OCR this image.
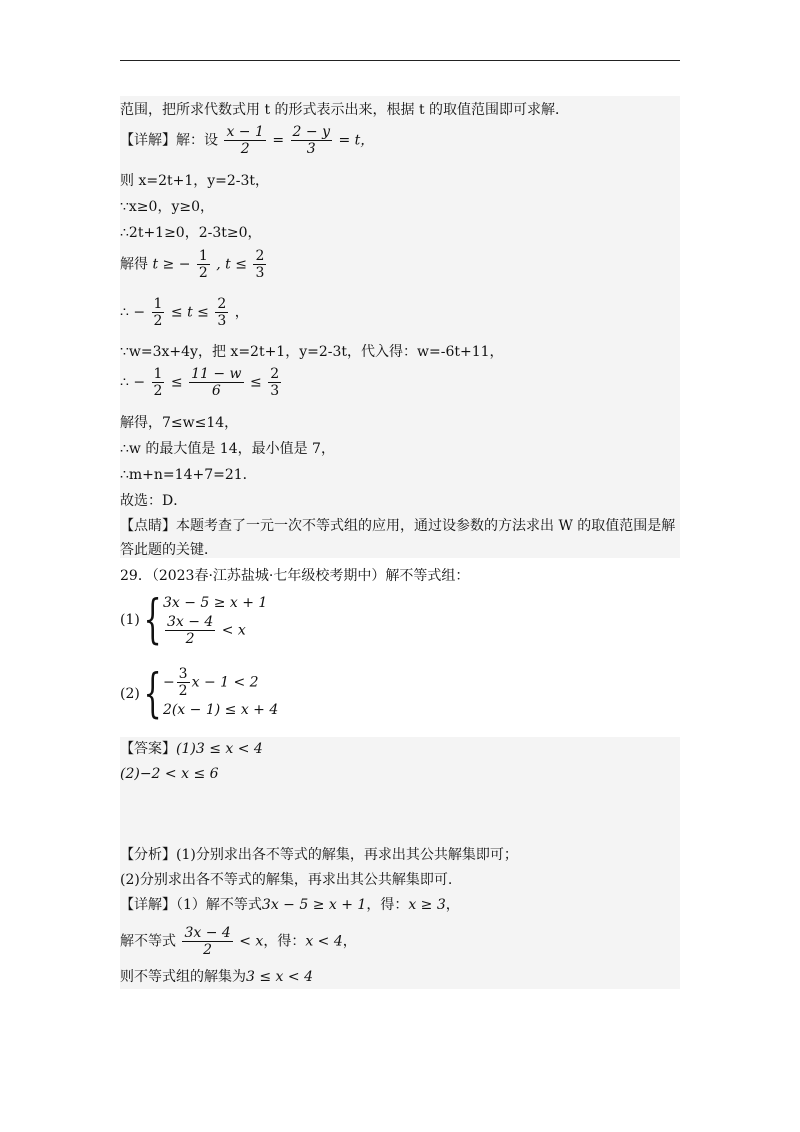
范围，把所求代数式用 t 的形式表示出来，根据 t 的取值范围即可求解．
【详解】解：设 $\frac{x - 1}{2} = \frac{2 - y}{3} = t$，
则 x=2t+1，y=2-3t，
∵x≥0，y≥0，
∴2t+1≥0，2-3t≥0，
解得 t ≥ − $\frac{1}{2}$ , $t \le \frac{2}{3}$
∴ − $\frac{1}{2} \le t \le \frac{2}{3}$ ，
∵w=3x+4y，把 x=2t+1，y=2-3t，代入得：w=-6t+11，
∴ − $\frac{1}{2} \le \frac{11 - w}{6} \le \frac{2}{3}$
解得，7≤w≤14，
∴w 的最大值是 14，最小值是 7，
∴m+n=14+7=21．
故选：D．
【点睛】本题考查了一元一次不等式组的应用，通过设参数的方法求出 W 的取值范围是解
答此题的关键．
29．（2023春·江苏盐城·七年级校考期中）解不等式组：
(1) { 3x − 5 ≥ x + 1
$\frac{3x - 4}{2} < x$
(2) { − $\frac{3}{2}$ x − 1 < 2
2(x − 1) ≤ x + 4
【答案】(1)3 ≤ x < 4
(2)−2 < x ≤ 6
【分析】(1)分别求出各不等式的解集，再求出其公共解集即可；
(2)分别求出各不等式的解集，再求出其公共解集即可.
【详解】（1）解不等式3x − 5 ≥ x + 1，得：x ≥ 3，
解不等式 $\frac{3x - 4}{2} < x$，得：x < 4，
则不等式组的解集为3 ≤ x < 4
